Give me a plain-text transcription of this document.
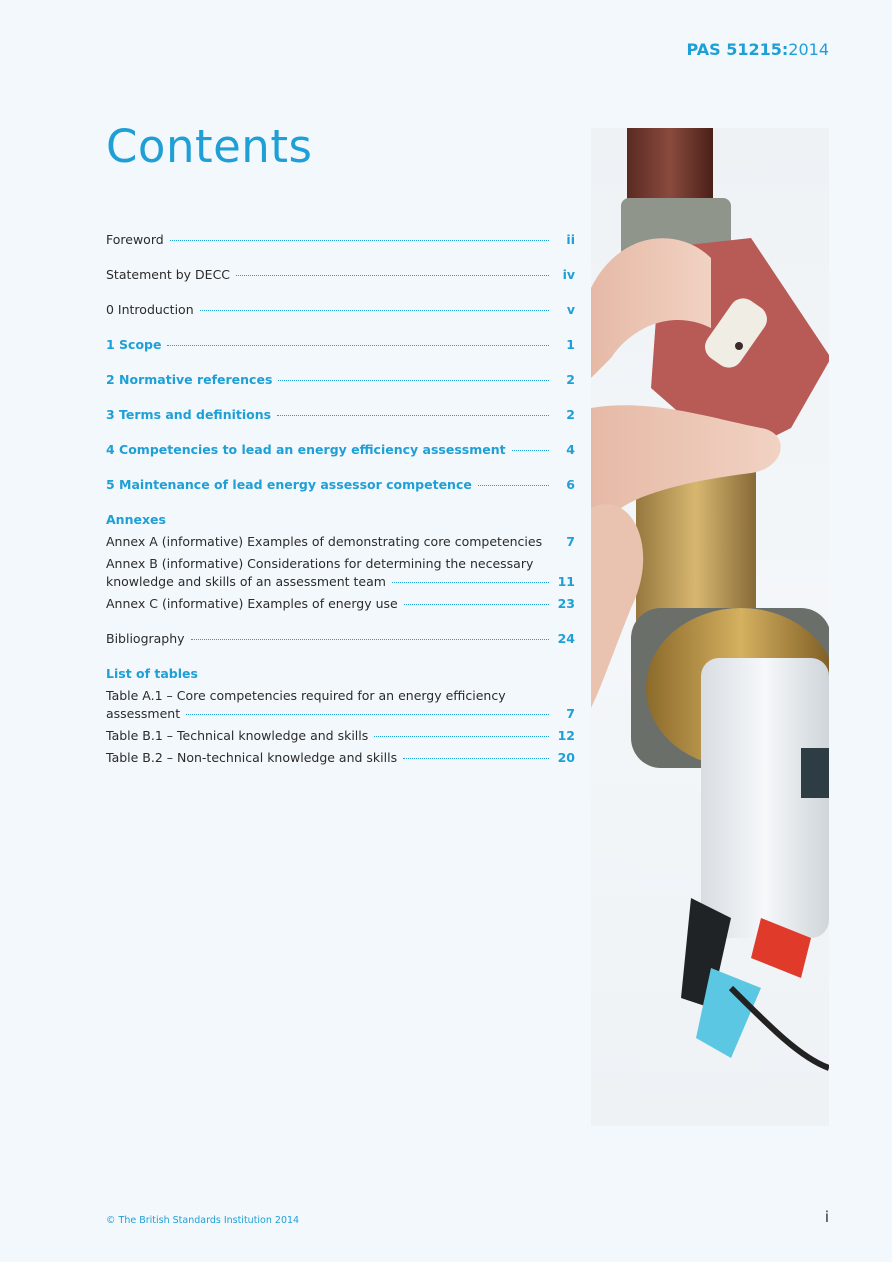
PAS 51215:2014
Contents
Foreword	ii
Statement by DECC	iv
0 Introduction	v
1 Scope	1
2 Normative references	2
3 Terms and definitions	2
4 Competencies to lead an energy efficiency assessment	4
5 Maintenance of lead energy assessor competence	6
Annexes
Annex A (informative) Examples of demonstrating core competencies	7
Annex B (informative) Considerations for determining the necessary
knowledge and skills of an assessment team	11
Annex C (informative) Examples of energy use	23
Bibliography	24
List of tables
Table A.1 – Core competencies required for an energy efficiency
assessment	7
Table B.1 – Technical knowledge and skills	12
Table B.2 – Non-technical knowledge and skills	20
© The British Standards Institution 2014	i
